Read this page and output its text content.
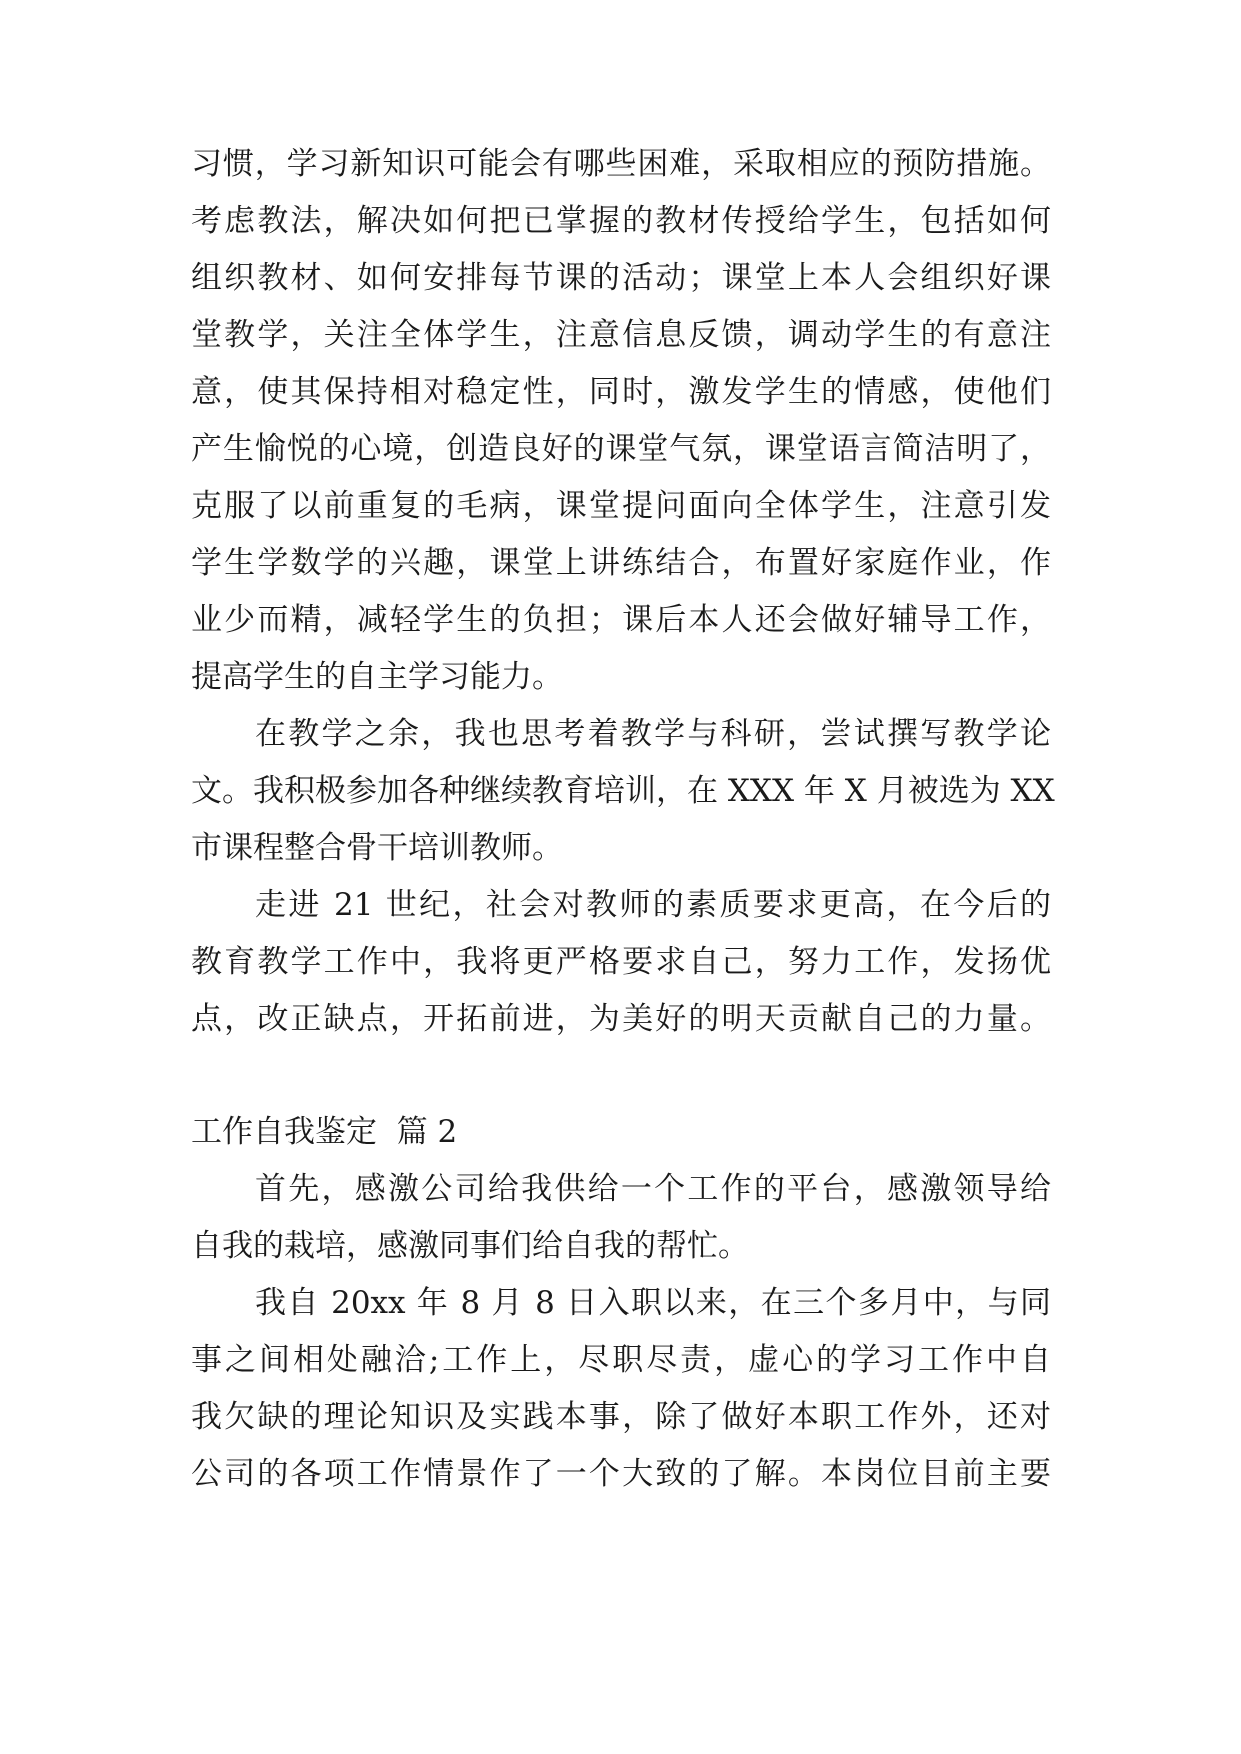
习惯，学习新知识可能会有哪些困难，采取相应的预防措施。
考虑教法，解决如何把已掌握的教材传授给学生，包括如何
组织教材、如何安排每节课的活动；课堂上本人会组织好课
堂教学，关注全体学生，注意信息反馈，调动学生的有意注
意，使其保持相对稳定性，同时，激发学生的情感，使他们
产生愉悦的心境，创造良好的课堂气氛，课堂语言简洁明了，
克服了以前重复的毛病，课堂提问面向全体学生，注意引发
学生学数学的兴趣，课堂上讲练结合，布置好家庭作业，作
业少而精，减轻学生的负担；课后本人还会做好辅导工作，
提高学生的自主学习能力。
在教学之余，我也思考着教学与科研，尝试撰写教学论
文。我积极参加各种继续教育培训，在 XXX 年 X 月被选为 XX
市课程整合骨干培训教师。
走进 21 世纪，社会对教师的素质要求更高，在今后的
教育教学工作中，我将更严格要求自己，努力工作，发扬优
点，改正缺点，开拓前进，为美好的明天贡献自己的力量。
工作自我鉴定  篇 2
首先，感激公司给我供给一个工作的平台，感激领导给
自我的栽培，感激同事们给自我的帮忙。
我自 20xx 年 8 月 8 日入职以来，在三个多月中，与同
事之间相处融洽;工作上，尽职尽责，虚心的学习工作中自
我欠缺的理论知识及实践本事，除了做好本职工作外，还对
公司的各项工作情景作了一个大致的了解。本岗位目前主要
